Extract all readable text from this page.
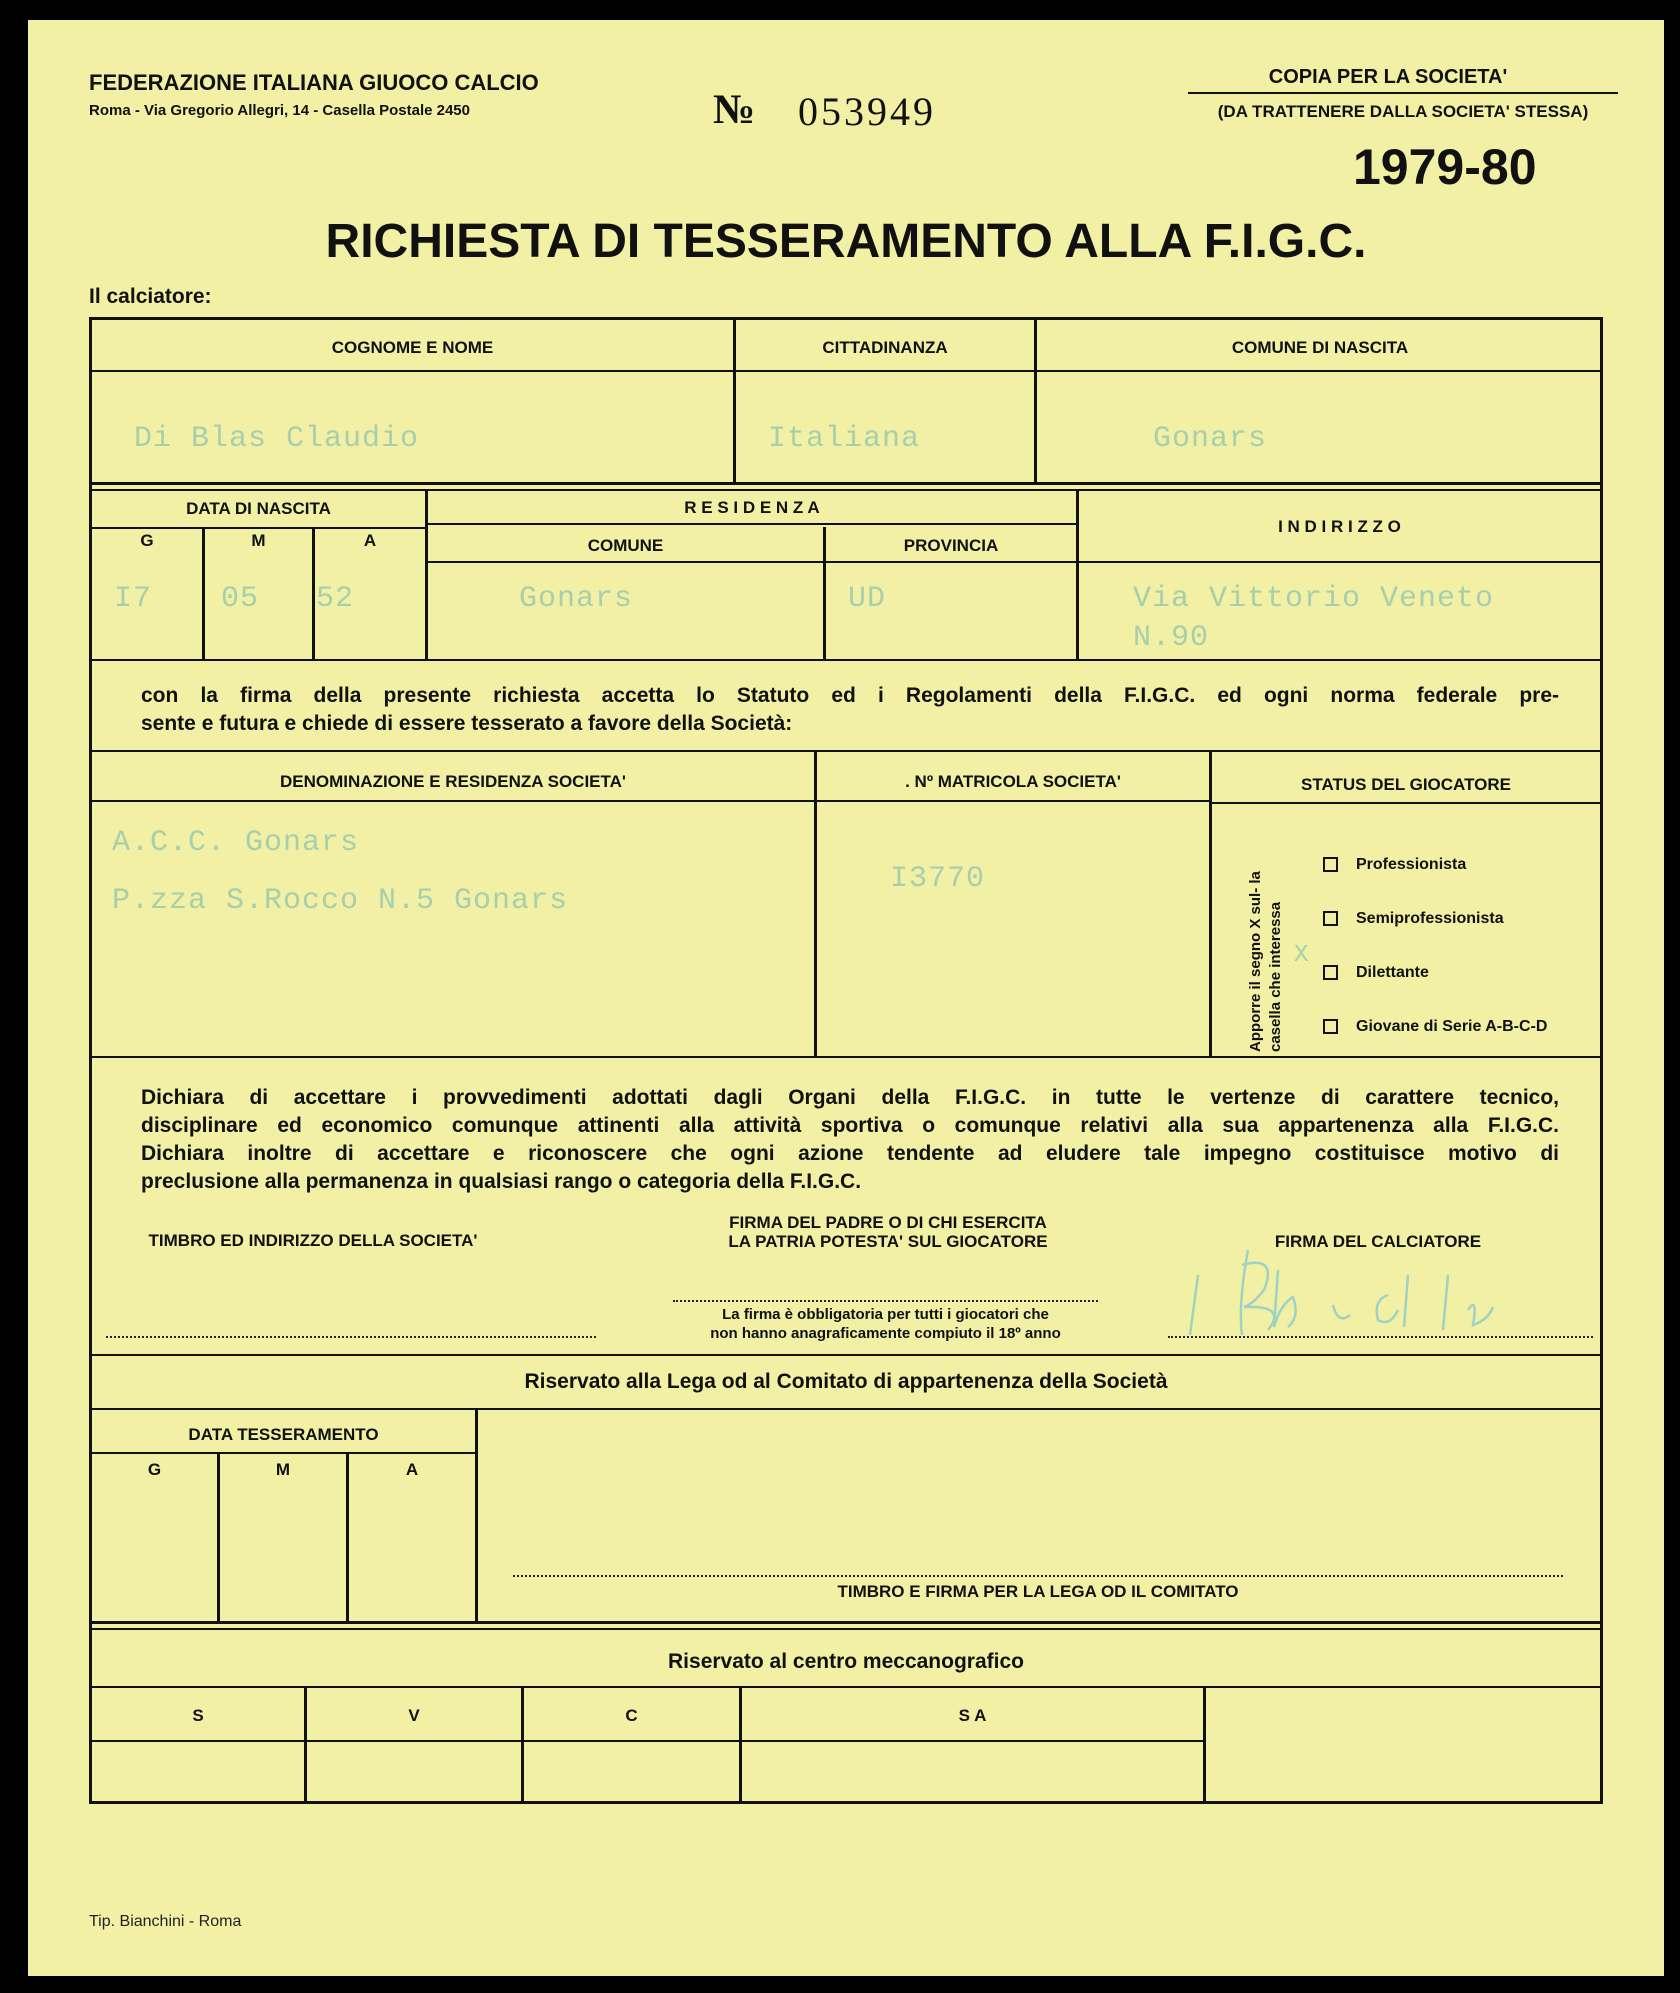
FEDERAZIONE ITALIANA GIUOCO CALCIO
Roma - Via Gregorio Allegri, 14 - Casella Postale 2450	№ 053949
COPIA PER LA SOCIETA'
(DA TRATTENERE DALLA SOCIETA' STESSA)
1979-80
RICHIESTA DI TESSERAMENTO ALLA F.I.G.C.
Il calciatore:
COGNOME E NOME	CITTADINANZA	COMUNE DI NASCITA
Di Blas Claudio	Italiana	Gonars
DATA DI NASCITA
G	M	A
I7 05 52
R E S I D E N Z A
COMUNE	PROVINCIA
Gonars	UD
I N D I R I Z Z O
Via Vittorio Veneto
N.90
con la firma della presente richiesta accetta lo Statuto ed i Regolamenti della F.I.G.C. ed ogni norma federale pre-
sente e futura e chiede di essere tesserato a favore della Società:
DENOMINAZIONE E RESIDENZA SOCIETA'	. Nº MATRICOLA SOCIETA'	STATUS DEL GIOCATORE
A.C.C. Gonars
P.zza S.Rocco N.5 Gonars
I3770	Apporre il segno X sul- la casella che interessa X
Professionista
Semiprofessionista
Dilettante
Giovane di Serie A-B-C-D
Dichiara di accettare i provvedimenti adottati dagli Organi della F.I.G.C. in tutte le vertenze di carattere tecnico,
disciplinare ed economico comunque attinenti alla attività sportiva o comunque relativi alla sua appartenenza alla F.I.G.C.
Dichiara inoltre di accettare e riconoscere che ogni azione tendente ad eludere tale impegno costituisce motivo di
preclusione alla permanenza in qualsiasi rango o categoria della F.I.G.C.
TIMBRO ED INDIRIZZO DELLA SOCIETA'
FIRMA DEL PADRE O DI CHI ESERCITA
LA PATRIA POTESTA' SUL GIOCATORE	FIRMA DEL CALCIATORE
La firma è obbligatoria per tutti i giocatori che
non hanno anagraficamente compiuto il 18º anno
Riservato alla Lega od al Comitato di appartenenza della Società
DATA TESSERAMENTO
G	M	A
TIMBRO E FIRMA PER LA LEGA OD IL COMITATO
Riservato al centro meccanografico
S	V	C	S A
Tip. Bianchini - Roma
